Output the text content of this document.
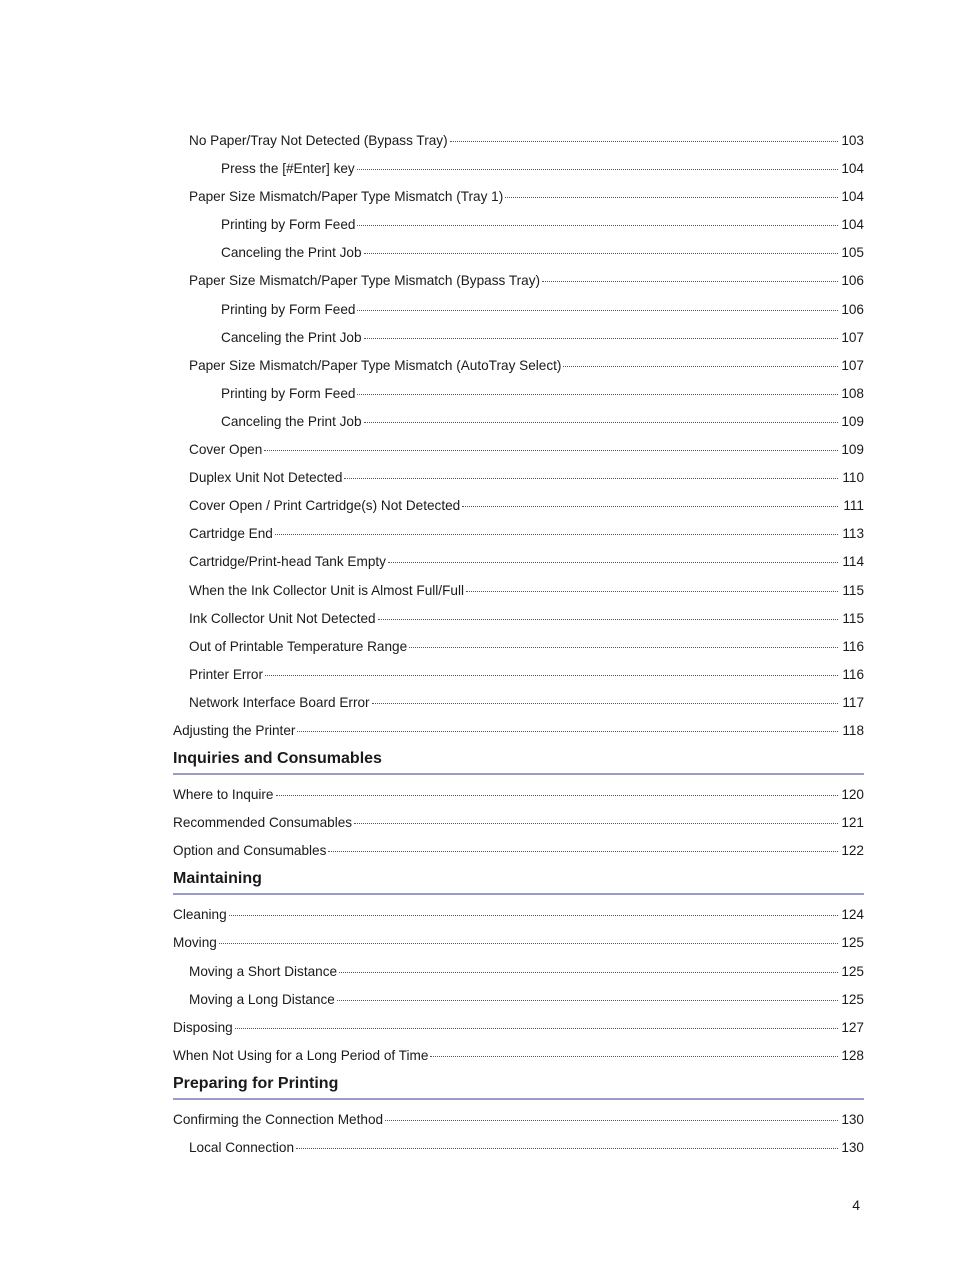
No Paper/Tray Not Detected (Bypass Tray)	103
Press the [#Enter] key	104
Paper Size Mismatch/Paper Type Mismatch (Tray 1)	104
Printing by Form Feed	104
Canceling the Print Job	105
Paper Size Mismatch/Paper Type Mismatch (Bypass Tray)	106
Printing by Form Feed	106
Canceling the Print Job	107
Paper Size Mismatch/Paper Type Mismatch (AutoTray Select)	107
Printing by Form Feed	108
Canceling the Print Job	109
Cover Open	109
Duplex Unit Not Detected	110
Cover Open / Print Cartridge(s) Not Detected	111
Cartridge End	113
Cartridge/Print-head Tank Empty	114
When the Ink Collector Unit is Almost Full/Full	115
Ink Collector Unit Not Detected	115
Out of Printable Temperature Range	116
Printer Error	116
Network Interface Board Error	117
Adjusting the Printer	118
Inquiries and Consumables
Where to Inquire	120
Recommended Consumables	121
Option and Consumables	122
Maintaining
Cleaning	124
Moving	125
Moving a Short Distance	125
Moving a Long Distance	125
Disposing	127
When Not Using for a Long Period of Time	128
Preparing for Printing
Confirming the Connection Method	130
Local Connection	130
4
